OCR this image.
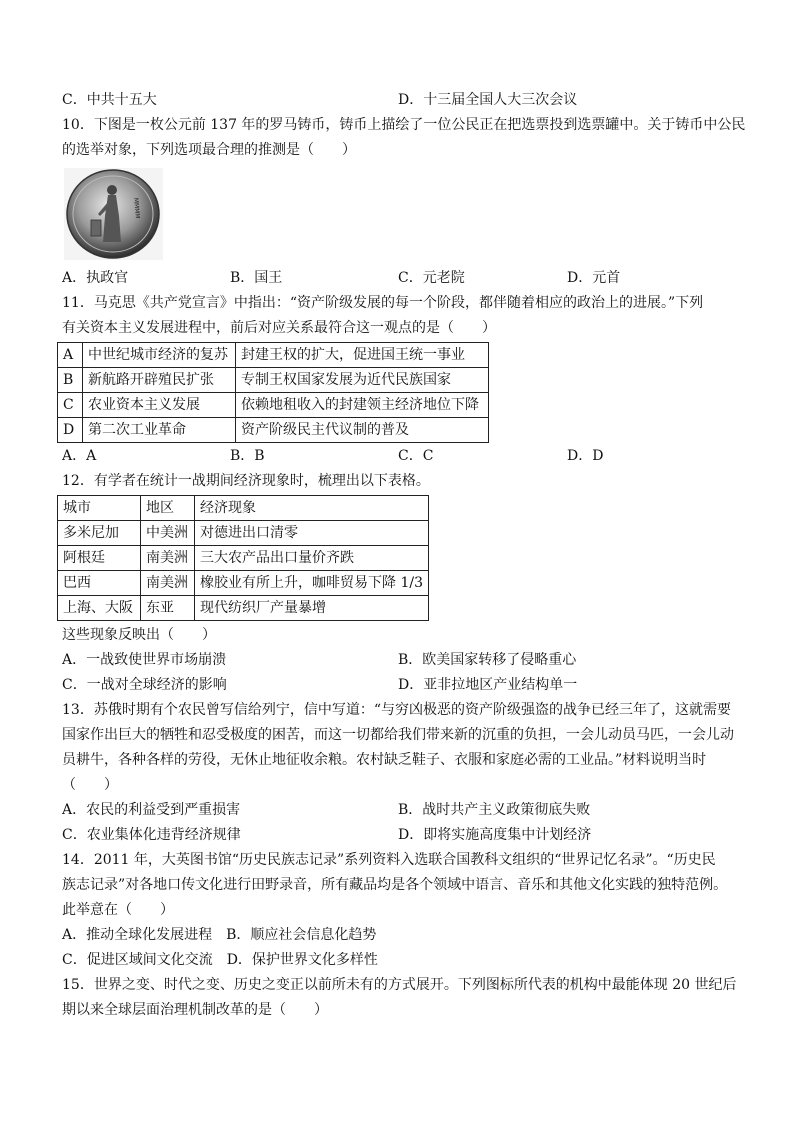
C．中共十五大	D．十三届全国人大三次会议
10．下图是一枚公元前 137 年的罗马铸币，铸币上描绘了一位公民正在把选票投到选票罐中。关于铸币中公民
的选举对象，下列选项最合理的推测是（　　）
MMMM
A．执政官	B．国王	C．元老院	D．元首
11．马克思《共产党宣言》中指出：“资产阶级发展的每一个阶段，都伴随着相应的政治上的进展。”下列
有关资本主义发展进程中，前后对应关系最符合这一观点的是（　　）
A	中世纪城市经济的复苏	封建王权的扩大，促进国王统一事业
B	新航路开辟殖民扩张	专制王权国家发展为近代民族国家
C	农业资本主义发展	依赖地租收入的封建领主经济地位下降
D	第二次工业革命	资产阶级民主代议制的普及
A．A	B．B	C．C	D．D
12．有学者在统计一战期间经济现象时，梳理出以下表格。
城市	地区	经济现象
多米尼加	中美洲	对德进出口清零
阿根廷	南美洲	三大农产品出口量价齐跌
巴西	南美洲	橡胶业有所上升，咖啡贸易下降 1/3
上海、大阪	东亚	现代纺织厂产量暴增
这些现象反映出（　　）
A．一战致使世界市场崩溃	B．欧美国家转移了侵略重心
C．一战对全球经济的影响	D．亚非拉地区产业结构单一
13．苏俄时期有个农民曾写信给列宁，信中写道：“与穷凶极恶的资产阶级强盗的战争已经三年了，这就需要
国家作出巨大的牺牲和忍受极度的困苦，而这一切都给我们带来新的沉重的负担，一会儿动员马匹，一会儿动
员耕牛，各种各样的劳役，无休止地征收余粮。农村缺乏鞋子、衣服和家庭必需的工业品。”材料说明当时
（　　）
A．农民的利益受到严重损害	B．战时共产主义政策彻底失败
C．农业集体化违背经济规律	D．即将实施高度集中计划经济
14．2011 年，大英图书馆“历史民族志记录”系列资料入选联合国教科文组织的“世界记忆名录”。“历史民
族志记录”对各地口传文化进行田野录音，所有藏品均是各个领域中语言、音乐和其他文化实践的独特范例。
此举意在（　　）
A．推动全球化发展进程　B．顺应社会信息化趋势
C．促进区域间文化交流　D．保护世界文化多样性
15．世界之变、时代之变、历史之变正以前所未有的方式展开。下列图标所代表的机构中最能体现 20 世纪后
期以来全球层面治理机制改革的是（　　）
